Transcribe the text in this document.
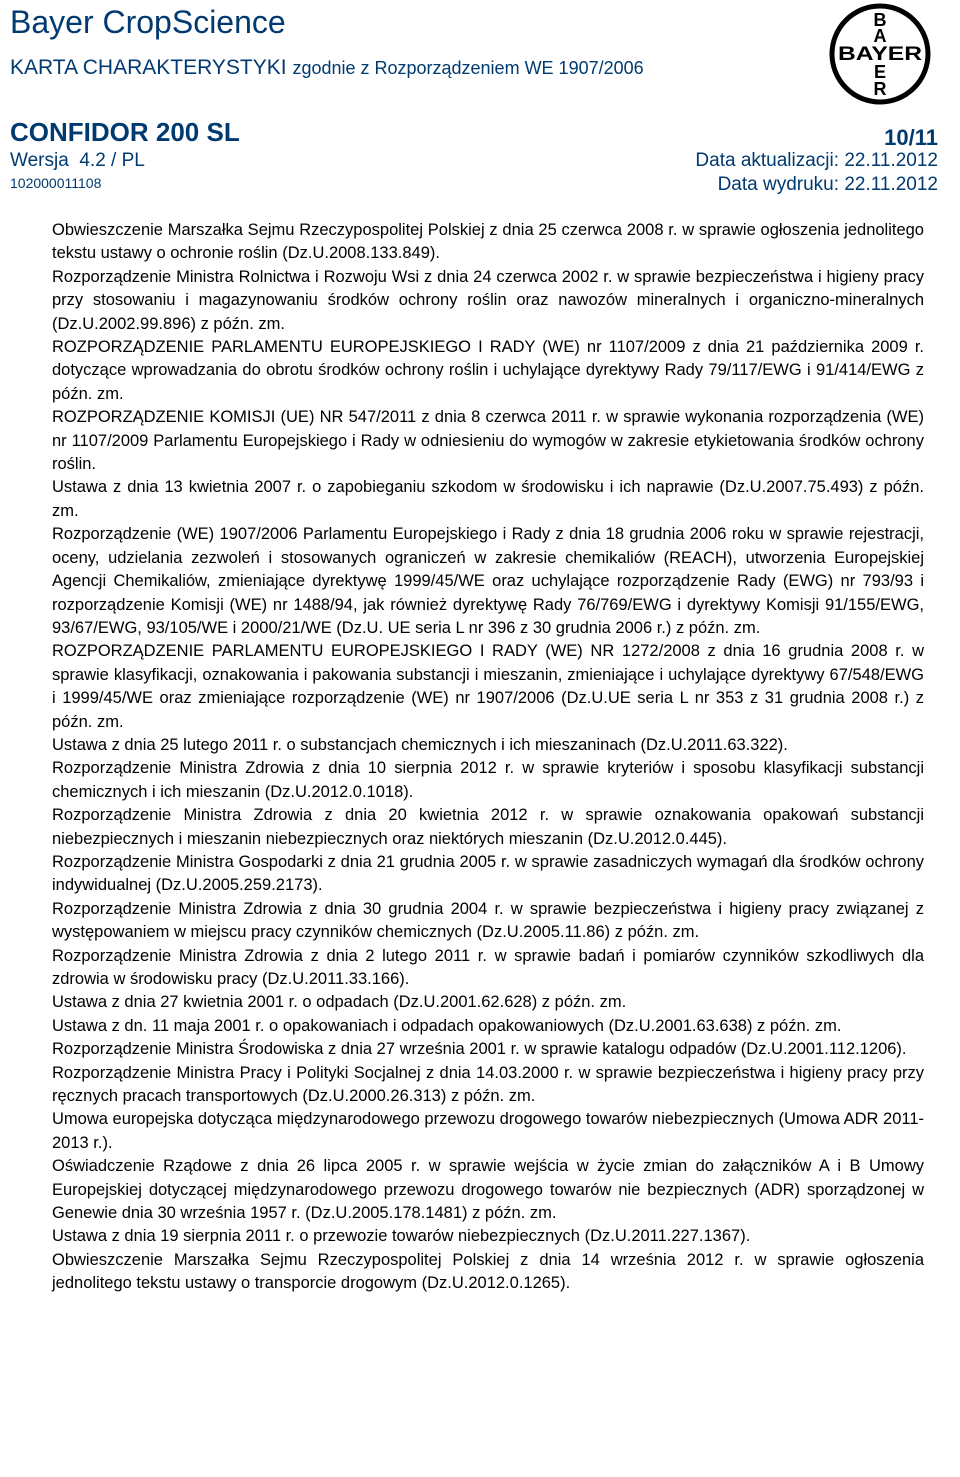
Bayer CropScience
KARTA CHARAKTERYSTYKI zgodnie z Rozporządzeniem WE 1907/2006
CONFIDOR 200 SL
Wersja 4.2 / PL
102000011108
10/11
Data aktualizacji: 22.11.2012
Data wydruku: 22.11.2012
B
A
BAYER
E
R

Obwieszczenie Marszałka Sejmu Rzeczypospolitej Polskiej z dnia 25 czerwca 2008 r. w sprawie ogłoszenia jednolitego tekstu ustawy o ochronie roślin (Dz.U.2008.133.849).

Rozporządzenie Ministra Rolnictwa i Rozwoju Wsi z dnia 24 czerwca 2002 r. w sprawie bezpieczeństwa i higieny pracy przy stosowaniu i magazynowaniu środków ochrony roślin oraz nawozów mineralnych i organiczno-mineralnych (Dz.U.2002.99.896) z późn. zm.

ROZPORZĄDZENIE PARLAMENTU EUROPEJSKIEGO I RADY (WE) nr 1107/2009 z dnia 21 października 2009 r. dotyczące wprowadzania do obrotu środków ochrony roślin i uchylające dyrektywy Rady 79/117/EWG i 91/414/EWG z późn. zm.

ROZPORZĄDZENIE KOMISJI (UE) NR 547/2011 z dnia 8 czerwca 2011 r. w sprawie wykonania rozporządzenia (WE) nr 1107/2009 Parlamentu Europejskiego i Rady w odniesieniu do wymogów w zakresie etykietowania środków ochrony roślin.

Ustawa z dnia 13 kwietnia 2007 r. o zapobieganiu szkodom w środowisku i ich naprawie (Dz.U.2007.75.493) z późn. zm.

Rozporządzenie (WE) 1907/2006 Parlamentu Europejskiego i Rady z dnia 18 grudnia 2006 roku w sprawie rejestracji, oceny, udzielania zezwoleń i stosowanych ograniczeń w zakresie chemikaliów (REACH), utworzenia Europejskiej Agencji Chemikaliów, zmieniające dyrektywę 1999/45/WE oraz uchylające rozporządzenie Rady (EWG) nr 793/93 i rozporządzenie Komisji (WE) nr 1488/94, jak również dyrektywę Rady 76/769/EWG i dyrektywy Komisji 91/155/EWG, 93/67/EWG, 93/105/WE i 2000/21/WE (Dz.U. UE seria L nr 396 z 30 grudnia 2006 r.) z późn. zm.

ROZPORZĄDZENIE PARLAMENTU EUROPEJSKIEGO I RADY (WE) NR 1272/2008 z dnia 16 grudnia 2008 r. w sprawie klasyfikacji, oznakowania i pakowania substancji i mieszanin, zmieniające i uchylające dyrektywy 67/548/EWG i 1999/45/WE oraz zmieniające rozporządzenie (WE) nr 1907/2006 (Dz.U.UE seria L nr 353 z 31 grudnia 2008 r.) z późn. zm.

Ustawa z dnia 25 lutego 2011 r. o substancjach chemicznych i ich mieszaninach (Dz.U.2011.63.322).

Rozporządzenie Ministra Zdrowia z dnia 10 sierpnia 2012 r. w sprawie kryteriów i sposobu klasyfikacji substancji chemicznych i ich mieszanin (Dz.U.2012.0.1018).

Rozporządzenie Ministra Zdrowia z dnia 20 kwietnia 2012 r. w sprawie oznakowania opakowań substancji niebezpiecznych i mieszanin niebezpiecznych oraz niektórych mieszanin (Dz.U.2012.0.445).

Rozporządzenie Ministra Gospodarki z dnia 21 grudnia 2005 r. w sprawie zasadniczych wymagań dla środków ochrony indywidualnej (Dz.U.2005.259.2173).

Rozporządzenie Ministra Zdrowia z dnia 30 grudnia 2004 r. w sprawie bezpieczeństwa i higieny pracy związanej z występowaniem w miejscu pracy czynników chemicznych (Dz.U.2005.11.86) z późn. zm.

Rozporządzenie Ministra Zdrowia z dnia 2 lutego 2011 r. w sprawie badań i pomiarów czynników szkodliwych dla zdrowia w środowisku pracy (Dz.U.2011.33.166).

Ustawa z dnia 27 kwietnia 2001 r. o odpadach (Dz.U.2001.62.628) z późn. zm.

Ustawa z dn. 11 maja 2001 r. o opakowaniach i odpadach opakowaniowych (Dz.U.2001.63.638) z późn. zm.

Rozporządzenie Ministra Środowiska z dnia 27 września 2001 r. w sprawie katalogu odpadów (Dz.U.2001.112.1206).

Rozporządzenie Ministra Pracy i Polityki Socjalnej z dnia 14.03.2000 r. w sprawie bezpieczeństwa i higieny pracy przy ręcznych pracach transportowych (Dz.U.2000.26.313) z późn. zm.

Umowa europejska dotycząca międzynarodowego przewozu drogowego towarów niebezpiecznych (Umowa ADR 2011-2013 r.).

Oświadczenie Rządowe z dnia 26 lipca 2005 r. w sprawie wejścia w życie zmian do załączników A i B Umowy Europejskiej dotyczącej międzynarodowego przewozu drogowego towarów nie bezpiecznych (ADR) sporządzonej w Genewie dnia 30 września 1957 r. (Dz.U.2005.178.1481) z późn. zm.

Ustawa z dnia 19 sierpnia 2011 r. o przewozie towarów niebezpiecznych (Dz.U.2011.227.1367).

Obwieszczenie Marszałka Sejmu Rzeczypospolitej Polskiej z dnia 14 września 2012 r. w sprawie ogłoszenia jednolitego tekstu ustawy o transporcie drogowym (Dz.U.2012.0.1265).
